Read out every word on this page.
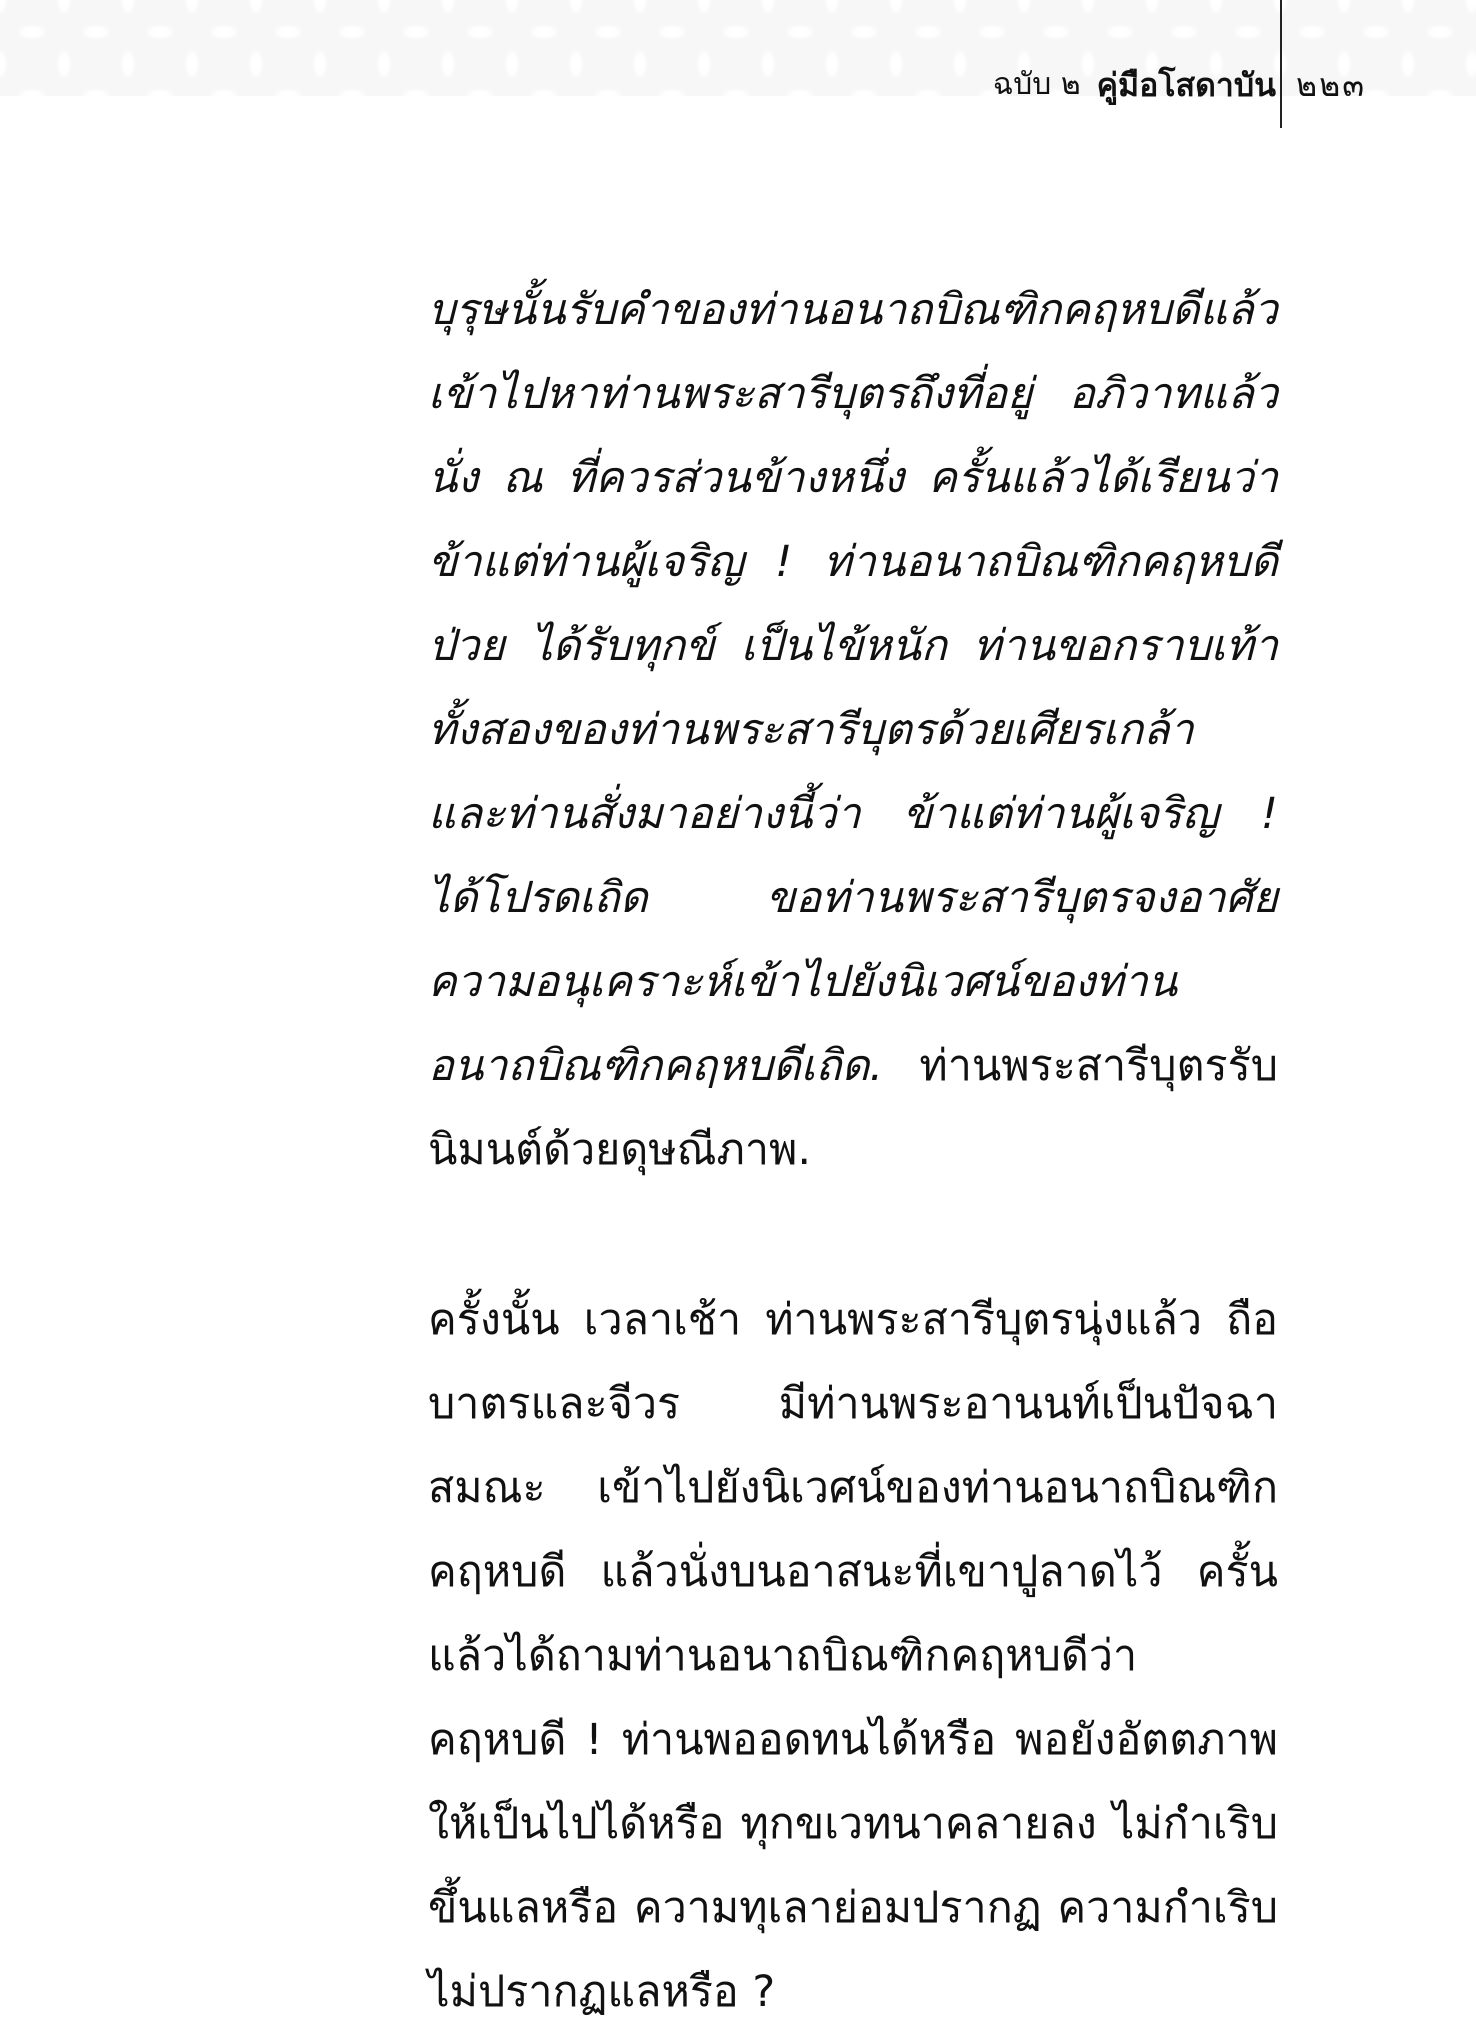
ฉบับ ๒ คู่มือโสดาบัน ๒๒๓

บุรุษนั้นรับคำของท่านอนาถบิณฑิกคฤหบดีแล้ว เข้าไปหาท่านพระสารีบุตรถึงที่อยู่ อภิวาทแล้ว นั่ง ณ ที่ควรส่วนข้างหนึ่ง ครั้นแล้วได้เรียนว่า ข้าแต่ท่านผู้เจริญ ! ท่านอนาถบิณฑิกคฤหบดีป่วย ได้รับทุกข์ เป็นไข้หนัก ท่านขอกราบเท้าทั้งสองของท่านพระสารีบุตรด้วยเศียรเกล้า และท่านสั่งมาอย่างนี้ว่า ข้าแต่ท่านผู้เจริญ ! ได้โปรดเถิด ขอท่านพระสารีบุตรจงอาศัยความอนุเคราะห์เข้าไปยังนิเวศน์ของท่านอนาถบิณฑิกคฤหบดีเถิด. ท่านพระสารีบุตรรับนิมนต์ด้วยดุษณีภาพ.

ครั้งนั้น เวลาเช้า ท่านพระสารีบุตรนุ่งแล้ว ถือบาตรและจีวร มีท่านพระอานนท์เป็นปัจฉาสมณะ เข้าไปยังนิเวศน์ของท่านอนาถบิณฑิกคฤหบดี แล้วนั่งบนอาสนะที่เขาปูลาดไว้ ครั้นแล้วได้ถามท่านอนาถบิณฑิกคฤหบดีว่า คฤหบดี ! ท่านพออดทนได้หรือ พอยังอัตตภาพให้เป็นไปได้หรือ ทุกขเวทนาคลายลง ไม่กำเริบขึ้นแลหรือ ความทุเลาย่อมปรากฏ ความกำเริบไม่ปรากฏแลหรือ ?
